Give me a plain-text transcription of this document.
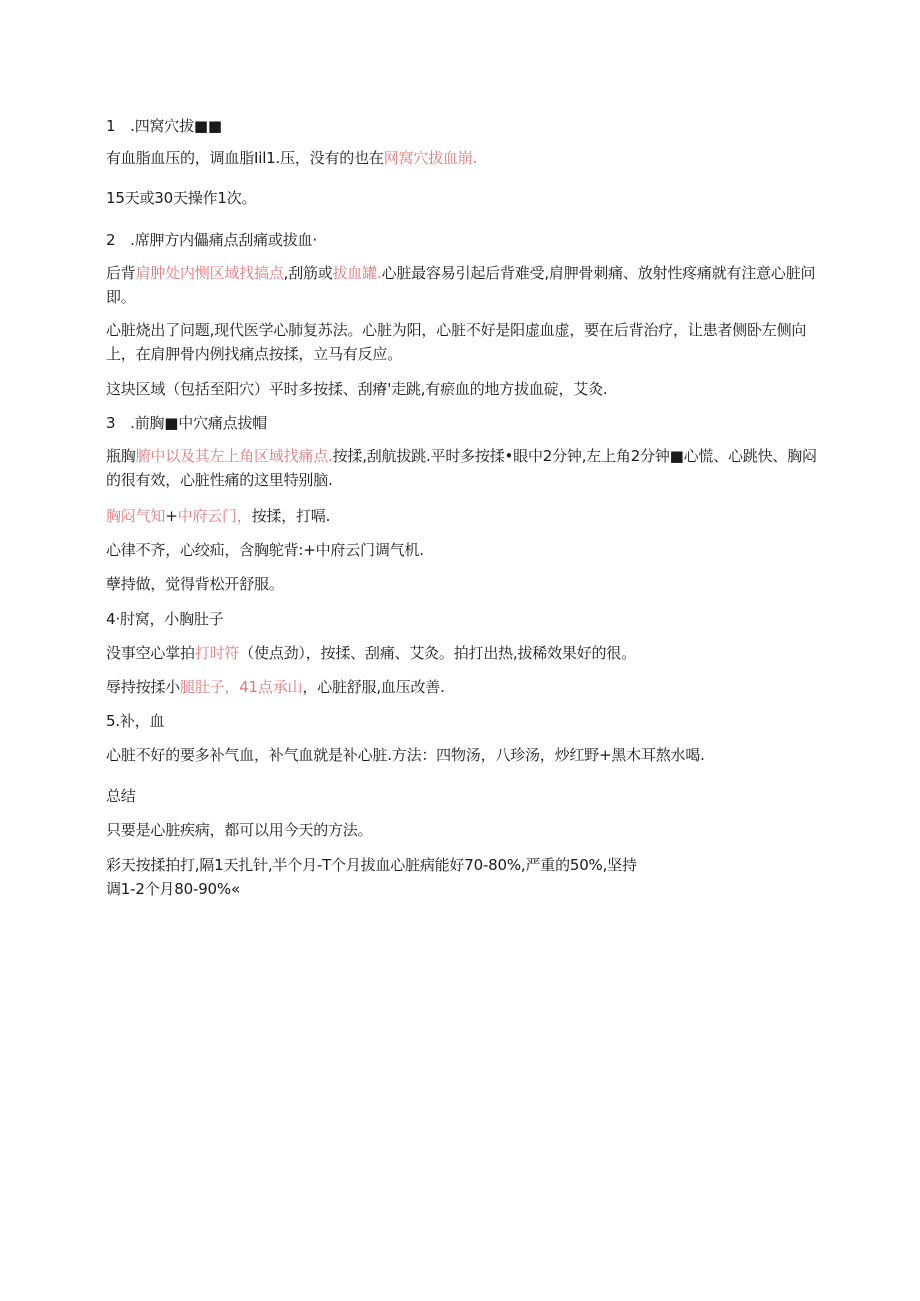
1　.四窝穴拔■■
有血脂血压的，调血脂Iil1.压，没有的也在网窝穴拔血崩.
15天或30天操作1次。
2　.席胛方内儡痛点刮痛或拔血·
后背肩肿处内恻区域找搞点,刮筋或拔血罐.心脏最容易引起后背难受,肩胛骨刺痛、放射性疼痛就有注意心脏问即。
心脏烧出了问题,现代医学心肺复苏法。心脏为阳，心脏不好是阳虚血虚，要在后背治疗，让患者侧卧左侧向上，在肩胛骨内例找痛点按揉，立马有反应。
这块区域（包括至阳穴）平时多按揉、刮瘠'走跳,有瘀血的地方拔血碇，艾灸.
3　.前胸■中穴痛点拔帽
瓶胸腑中以及其左上角区域找痛点.按揉,刮航拔跳.平时多按揉•眼中2分钟,左上角2分钟■心慌、心跳快、胸闷的很有效，心脏性痛的这里特别脑.
胸闷气知+中府云门，按揉，打嗝.
心律不齐，心绞疝，含胸鸵背:+中府云门调气机.
孽持做，觉得背松开舒服。
4·肘窝，小胸肚子
没事空心掌拍打时符（使点劲），按揉、刮痛、艾灸。拍打出热,拔稀效果好的很。
辱持按揉小腿肚子，41点承山，心脏舒服,血压改善.
5.补，血
心脏不好的要多补气血，补气血就是补心脏.方法：四物汤，八珍汤，炒红野+黑木耳熬水喝.
总结
只要是心脏疾病，都可以用今天的方法。
彩天按揉拍打,隔1天扎针,半个月-T个月拔血心脏病能好70-80%,严重的50%,坚持
调1-2个月80-90%«
